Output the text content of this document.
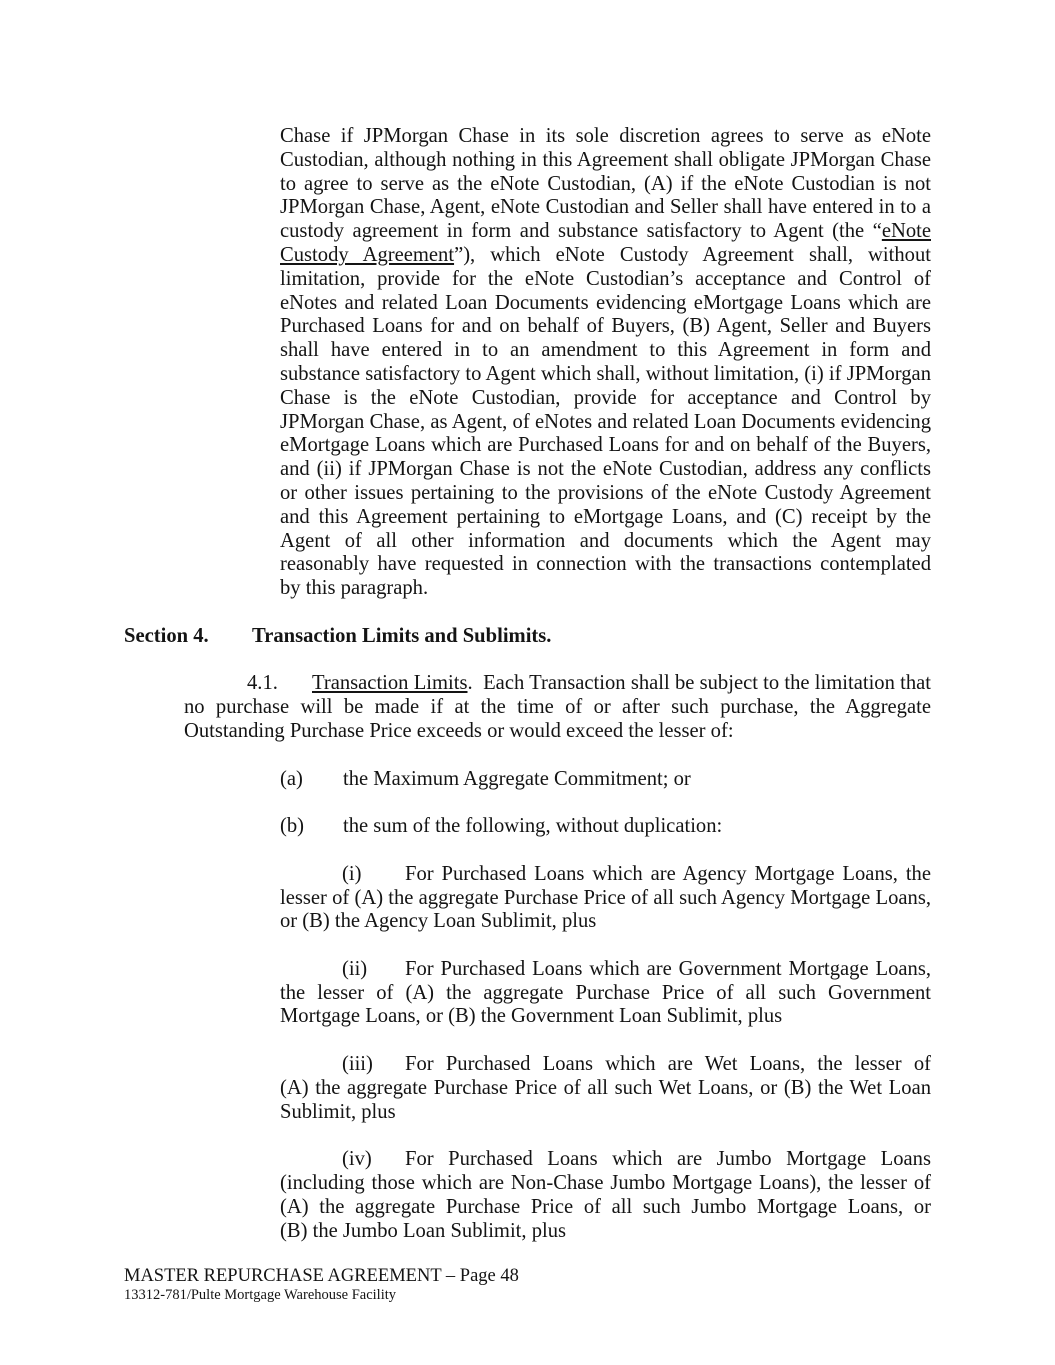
Chase if JPMorgan Chase in its sole discretion agrees to serve as eNote Custodian, although nothing in this Agreement shall obligate JPMorgan Chase to agree to serve as the eNote Custodian, (A) if the eNote Custodian is not JPMorgan Chase, Agent, eNote Custodian and Seller shall have entered in to a custody agreement in form and substance satisfactory to Agent (the “eNote Custody Agreement”), which eNote Custody Agreement shall, without limitation, provide for the eNote Custodian’s acceptance and Control of eNotes and related Loan Documents evidencing eMortgage Loans which are Purchased Loans for and on behalf of Buyers, (B) Agent, Seller and Buyers shall have entered in to an amendment to this Agreement in form and substance satisfactory to Agent which shall, without limitation, (i) if JPMorgan Chase is the eNote Custodian, provide for acceptance and Control by JPMorgan Chase, as Agent, of eNotes and related Loan Documents evidencing eMortgage Loans which are Purchased Loans for and on behalf of the Buyers, and (ii) if JPMorgan Chase is not the eNote Custodian, address any conflicts or other issues pertaining to the provisions of the eNote Custody Agreement and this Agreement pertaining to eMortgage Loans, and (C) receipt by the Agent of all other information and documents which the Agent may reasonably have requested in connection with the transactions contemplated by this paragraph.

Section 4. Transaction Limits and Sublimits.

4.1. Transaction Limits.  Each Transaction shall be subject to the limitation that no purchase will be made if at the time of or after such purchase, the Aggregate Outstanding Purchase Price exceeds or would exceed the lesser of:

(a) the Maximum Aggregate Commitment; or

(b) the sum of the following, without duplication:

(i) For Purchased Loans which are Agency Mortgage Loans, the lesser of (A) the aggregate Purchase Price of all such Agency Mortgage Loans, or (B) the Agency Loan Sublimit, plus

(ii) For Purchased Loans which are Government Mortgage Loans, the lesser of (A) the aggregate Purchase Price of all such Government Mortgage Loans, or (B) the Government Loan Sublimit, plus

(iii) For Purchased Loans which are Wet Loans, the lesser of (A) the aggregate Purchase Price of all such Wet Loans, or (B) the Wet Loan Sublimit, plus

(iv) For Purchased Loans which are Jumbo Mortgage Loans (including those which are Non-Chase Jumbo Mortgage Loans), the lesser of (A) the aggregate Purchase Price of all such Jumbo Mortgage Loans, or (B) the Jumbo Loan Sublimit, plus

MASTER REPURCHASE AGREEMENT – Page 48
13312-781/Pulte Mortgage Warehouse Facility
